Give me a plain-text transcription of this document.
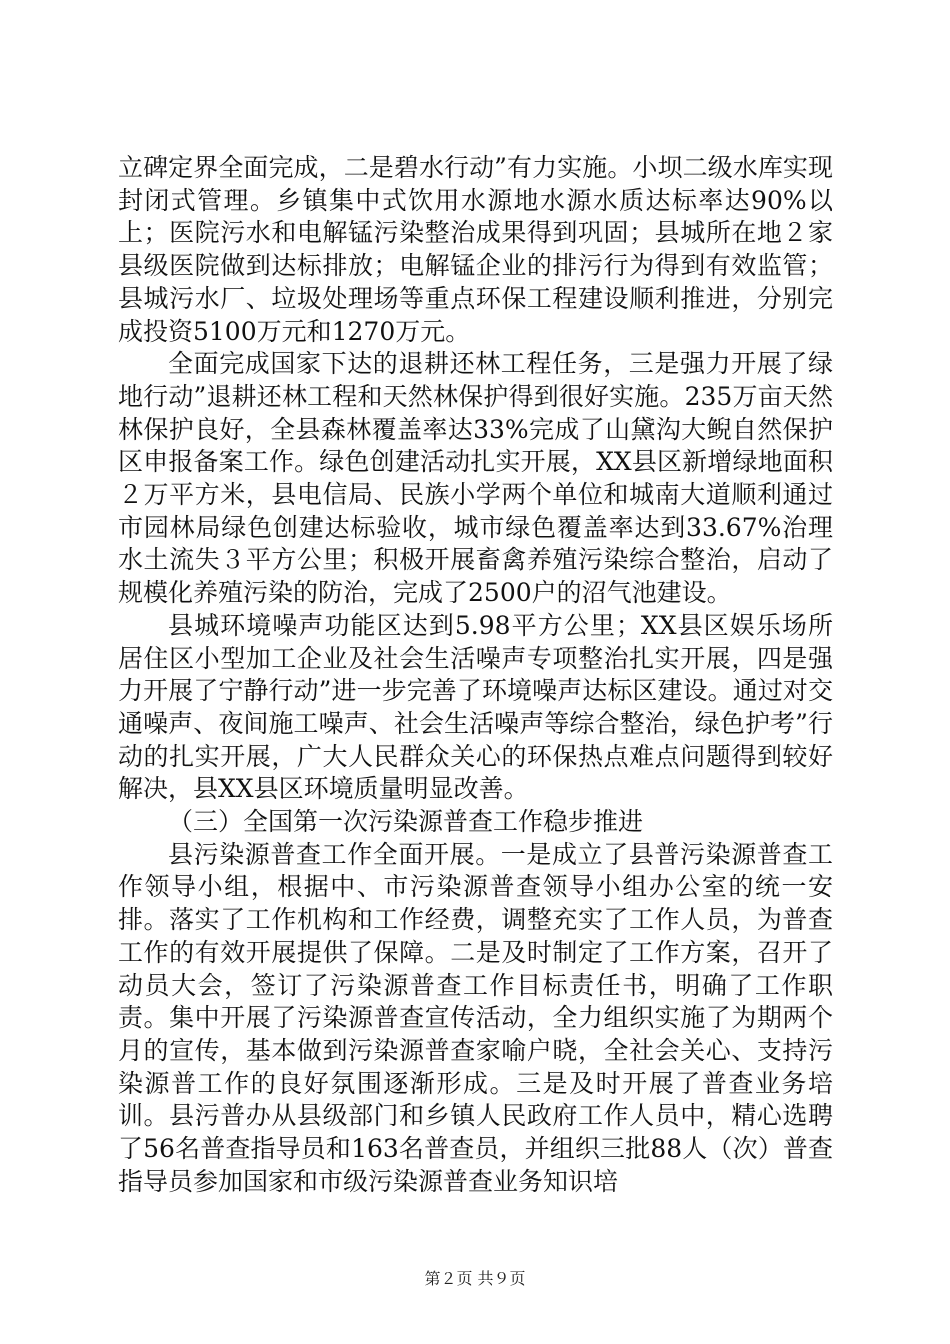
立碑定界全面完成，二是碧水行动”有力实施。小坝二级水库实现封闭式管理。乡镇集中式饮用水源地水源水质达标率达90%以上；医院污水和电解锰污染整治成果得到巩固；县城所在地２家县级医院做到达标排放；电解锰企业的排污行为得到有效监管；县城污水厂、垃圾处理场等重点环保工程建设顺利推进，分别完成投资5100万元和1270万元。

全面完成国家下达的退耕还林工程任务，三是强力开展了绿地行动”退耕还林工程和天然林保护得到很好实施。235万亩天然林保护良好，全县森林覆盖率达33%完成了山黛沟大鲵自然保护区申报备案工作。绿色创建活动扎实开展，XX县区新增绿地面积２万平方米，县电信局、民族小学两个单位和城南大道顺利通过市园林局绿色创建达标验收，城市绿色覆盖率达到33.67%治理水土流失３平方公里；积极开展畜禽养殖污染综合整治，启动了规模化养殖污染的防治，完成了2500户的沼气池建设。

县城环境噪声功能区达到5.98平方公里；XX县区娱乐场所居住区小型加工企业及社会生活噪声专项整治扎实开展，四是强力开展了宁静行动”进一步完善了环境噪声达标区建设。通过对交通噪声、夜间施工噪声、社会生活噪声等综合整治，绿色护考”行动的扎实开展，广大人民群众关心的环保热点难点问题得到较好解决，县XX县区环境质量明显改善。

（三）全国第一次污染源普查工作稳步推进

县污染源普查工作全面开展。一是成立了县普污染源普查工作领导小组，根据中、市污染源普查领导小组办公室的统一安排。落实了工作机构和工作经费，调整充实了工作人员，为普查工作的有效开展提供了保障。二是及时制定了工作方案，召开了动员大会，签订了污染源普查工作目标责任书，明确了工作职责。集中开展了污染源普查宣传活动，全力组织实施了为期两个月的宣传，基本做到污染源普查家喻户晓，全社会关心、支持污染源普工作的良好氛围逐渐形成。三是及时开展了普查业务培训。县污普办从县级部门和乡镇人民政府工作人员中，精心选聘了56名普查指导员和163名普查员，并组织三批88人（次）普查指导员参加国家和市级污染源普查业务知识培

第２页 共９页
